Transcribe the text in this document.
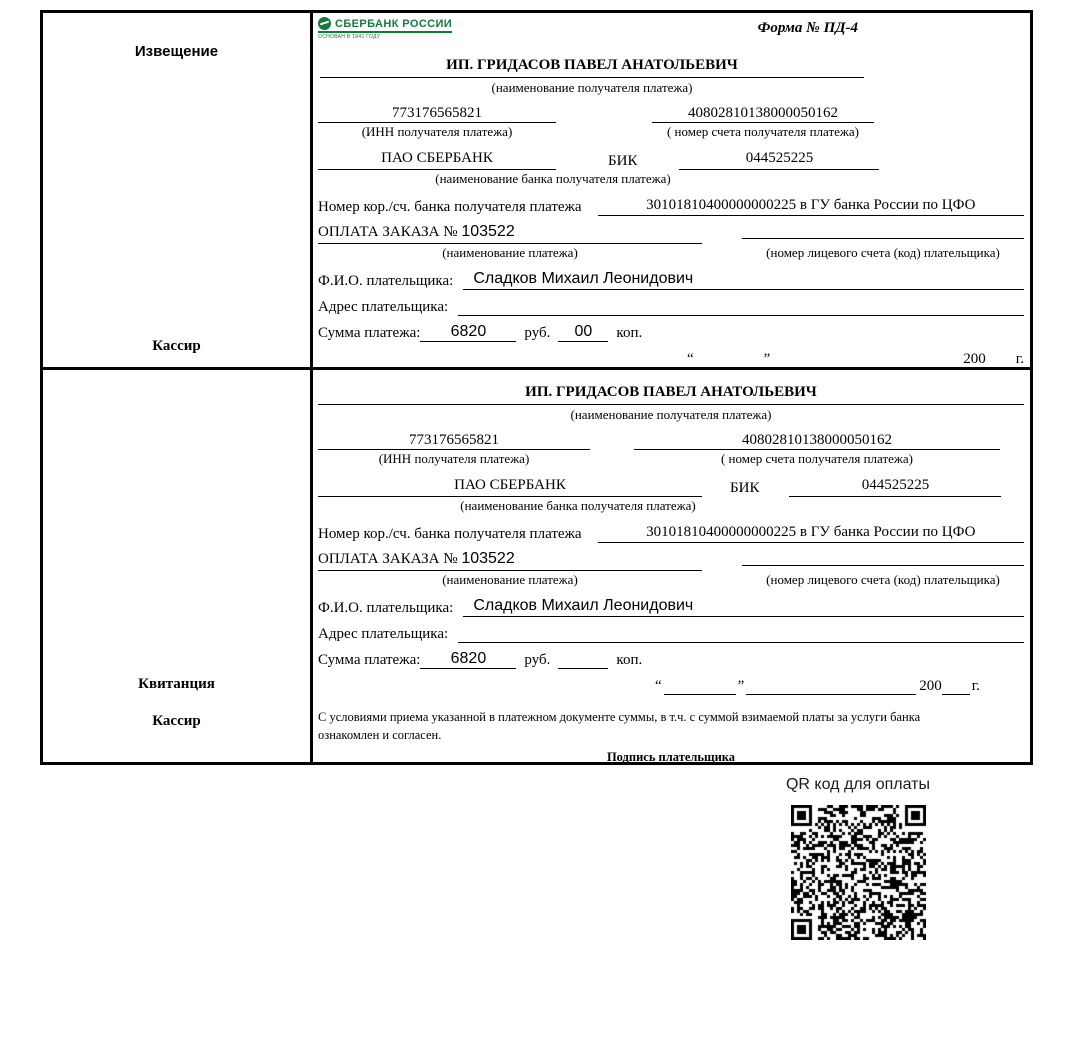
Извещение
Кассир
СБЕРБАНК РОССИИ
ОСНОВАН В 1841 ГОДУ
Форма № ПД-4
ИП. ГРИДАСОВ ПАВЕЛ АНАТОЛЬЕВИЧ
(наименование получателя платежа)
773176565821	40802810138000050162
(ИНН получателя платежа)	( номер счета получателя платежа)
ПАО СБЕРБАНК	БИК	044525225
(наименование банка получателя платежа)
Номер кор./сч. банка получателя платежа	30101810400000000225 в ГУ банка России по ЦФО
ОПЛАТА ЗАКАЗА № 103522
(наименование платежа)	(номер лицевого счета (код) плательщика)
Ф.И.О. плательщика:	Сладков Михаил Леонидович
Адрес плательщика:
Сумма платежа:	6820	руб.	00	коп.
“	”	200 г.
Квитанция
Кассир
ИП. ГРИДАСОВ ПАВЕЛ АНАТОЛЬЕВИЧ
(наименование получателя платежа)
773176565821	40802810138000050162
(ИНН получателя платежа)	( номер счета получателя платежа)
ПАО СБЕРБАНК	БИК	044525225
(наименование банка получателя платежа)
Номер кор./сч. банка получателя платежа	30101810400000000225 в ГУ банка России по ЦФО
ОПЛАТА ЗАКАЗА № 103522
(наименование платежа)	(номер лицевого счета (код) плательщика)
Ф.И.О. плательщика:	Сладков Михаил Леонидович
Адрес плательщика:
Сумма платежа:	6820	руб.	коп.
“	”	200 г.
С условиями приема указанной в платежном документе суммы, в т.ч. с суммой взимаемой платы за услуги банка
ознакомлен и согласен.
Подпись плательщика
QR код для оплаты
